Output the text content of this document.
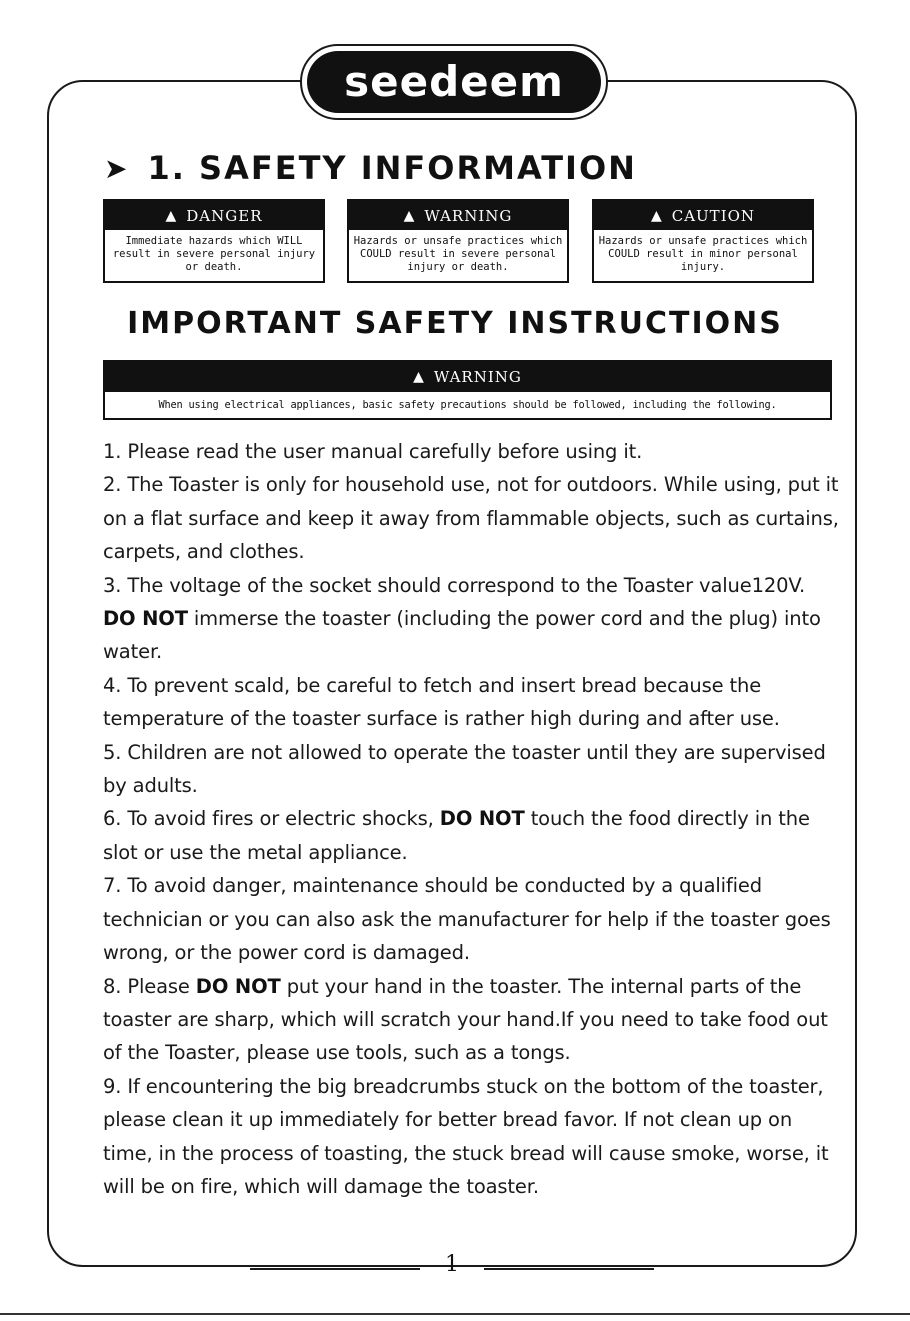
seedeem
➤ 1. SAFETY INFORMATION
▲ DANGER
Immediate hazards which WILL result in severe personal injury or death.
▲ WARNING
Hazards or unsafe practices which COULD result in severe personal injury or death.
▲ CAUTION
Hazards or unsafe practices which COULD result in minor personal injury.
IMPORTANT SAFETY INSTRUCTIONS
▲ WARNING
When using electrical appliances, basic safety precautions should be followed, including the following.

1. Please read the user manual carefully before using it.

2. The Toaster is only for household use, not for outdoors. While using, put it on a flat surface and keep it away from flammable objects, such as curtains, carpets, and clothes.

3. The voltage of the socket should correspond to the Toaster value120V. DO NOT immerse the toaster (including the power cord and the plug) into water.

4. To prevent scald, be careful to fetch and insert bread because the temperature of the toaster surface is rather high during and after use.

5. Children are not allowed to operate the toaster until they are supervised by adults.

6. To avoid fires or electric shocks, DO NOT touch the food directly in the slot or use the metal appliance.

7. To avoid danger, maintenance should be conducted by a qualified technician or you can also ask the manufacturer for help if the toaster goes wrong, or the power cord is damaged.

8. Please DO NOT put your hand in the toaster. The internal parts of the toaster are sharp, which will scratch your hand.If you need to take food out of the Toaster, please use tools, such as a tongs.

9. If encountering the big breadcrumbs stuck on the bottom of the toaster, please clean it up immediately for better bread favor. If not clean up on time, in the process of toasting, the stuck bread will cause smoke, worse, it will be on fire, which will damage the toaster.

1
